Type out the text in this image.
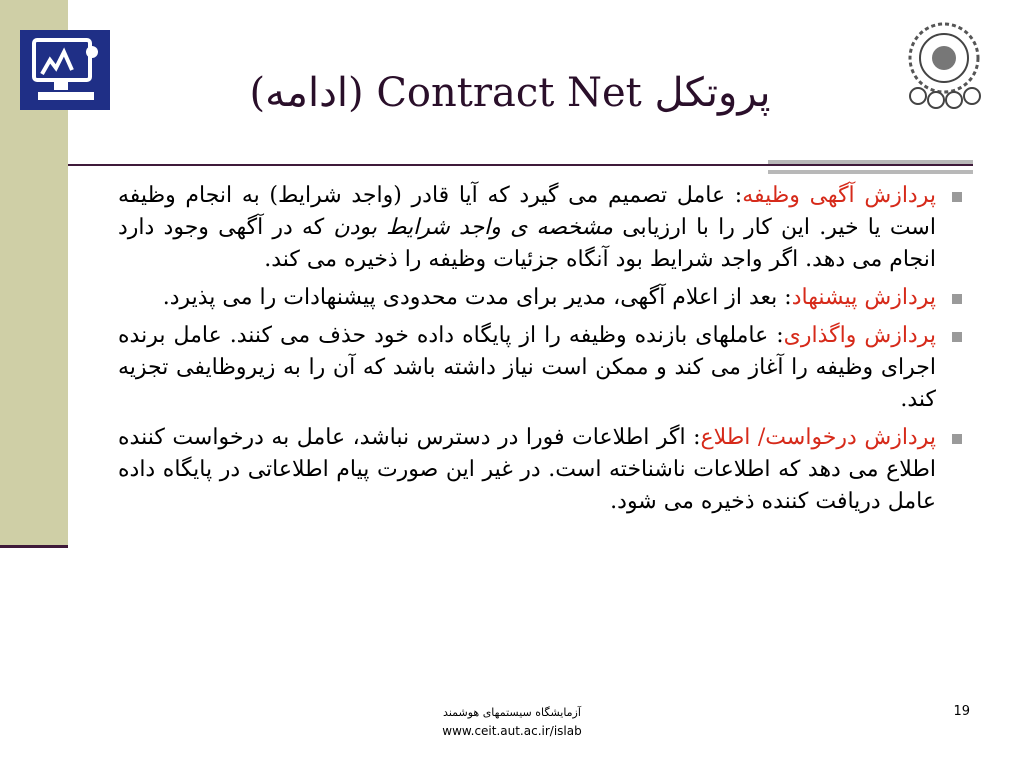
پروتکل Contract Net (ادامه)
پردازش آگهی وظیفه: عامل تصمیم می گیرد که آیا قادر (واجد شرایط) به انجام وظیفه است یا خیر. این کار را با ارزیابی مشخصه ی واجد شرایط بودن که در آگهی وجود دارد انجام می دهد. اگر واجد شرایط بود آنگاه جزئیات وظیفه را ذخیره می کند.
پردازش پیشنهاد: بعد از اعلام آگهی، مدیر برای مدت محدودی پیشنهادات را می پذیرد.
پردازش واگذاری: عاملهای بازنده وظیفه را از پایگاه داده خود حذف می کنند. عامل برنده اجرای وظیفه را آغاز می کند و ممکن است نیاز داشته باشد که آن را به زیروظایفی تجزیه کند.
پردازش درخواست/ اطلاع: اگر اطلاعات فورا در دسترس نباشد، عامل به درخواست کننده اطلاع می دهد که اطلاعات ناشناخته است. در غیر این صورت پیام اطلاعاتی در پایگاه داده عامل دریافت کننده ذخیره می شود.
آزمایشگاه سیستمهای هوشمند
www.ceit.aut.ac.ir/islab
19
